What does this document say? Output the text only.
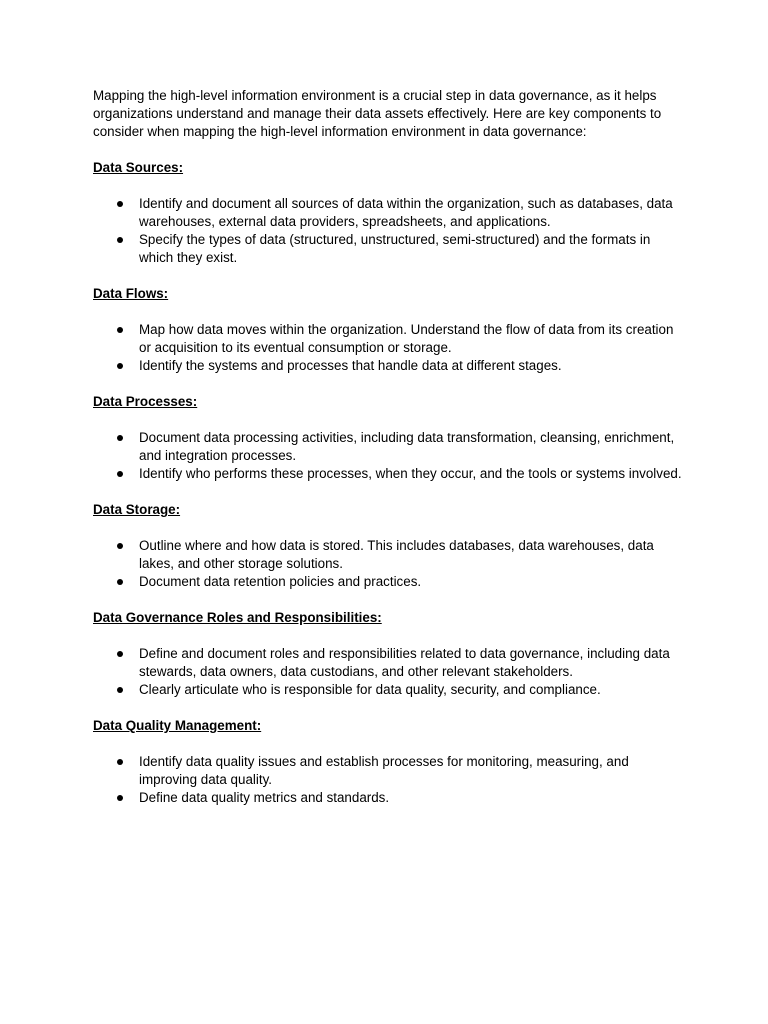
Mapping the high-level information environment is a crucial step in data governance, as it helps organizations understand and manage their data assets effectively. Here are key components to consider when mapping the high-level information environment in data governance:

Data Sources:
Identify and document all sources of data within the organization, such as databases, data warehouses, external data providers, spreadsheets, and applications.
Specify the types of data (structured, unstructured, semi-structured) and the formats in which they exist.
Data Flows:
Map how data moves within the organization. Understand the flow of data from its creation or acquisition to its eventual consumption or storage.
Identify the systems and processes that handle data at different stages.
Data Processes:
Document data processing activities, including data transformation, cleansing, enrichment, and integration processes.
Identify who performs these processes, when they occur, and the tools or systems involved.
Data Storage:
Outline where and how data is stored. This includes databases, data warehouses, data lakes, and other storage solutions.
Document data retention policies and practices.
Data Governance Roles and Responsibilities:
Define and document roles and responsibilities related to data governance, including data stewards, data owners, data custodians, and other relevant stakeholders.
Clearly articulate who is responsible for data quality, security, and compliance.
Data Quality Management:
Identify data quality issues and establish processes for monitoring, measuring, and improving data quality.
Define data quality metrics and standards.
